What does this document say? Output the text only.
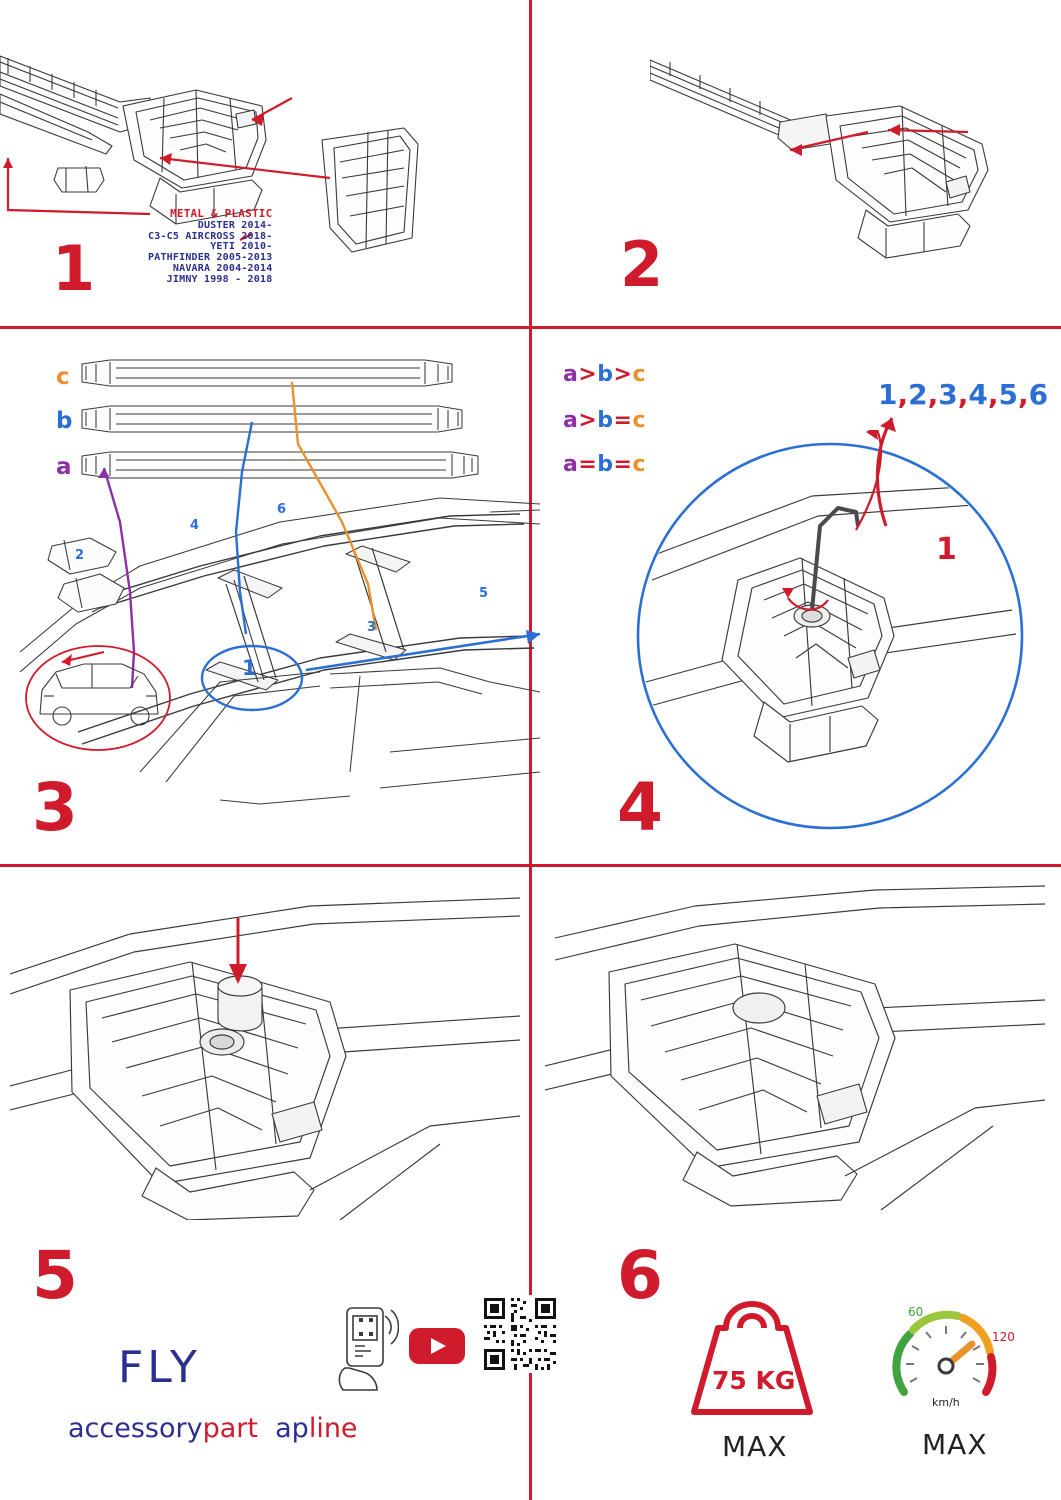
METAL & PLASTIC
DUSTER 2014-
C3-C5 AIRCROSS 2018-
YETI 2010-
PATHFINDER 2005-2013
NAVARA 2004-2014
JIMNY 1998 - 2018
1	2
c
b
a
a>b>c
a>b=c
a=b=c
2
3
4
5
6
1
3
1,2,3,4,5,6
1
4
5
FLY
accessorypart apline
6
75 KG
MAX
60
120
km/h
MAX
